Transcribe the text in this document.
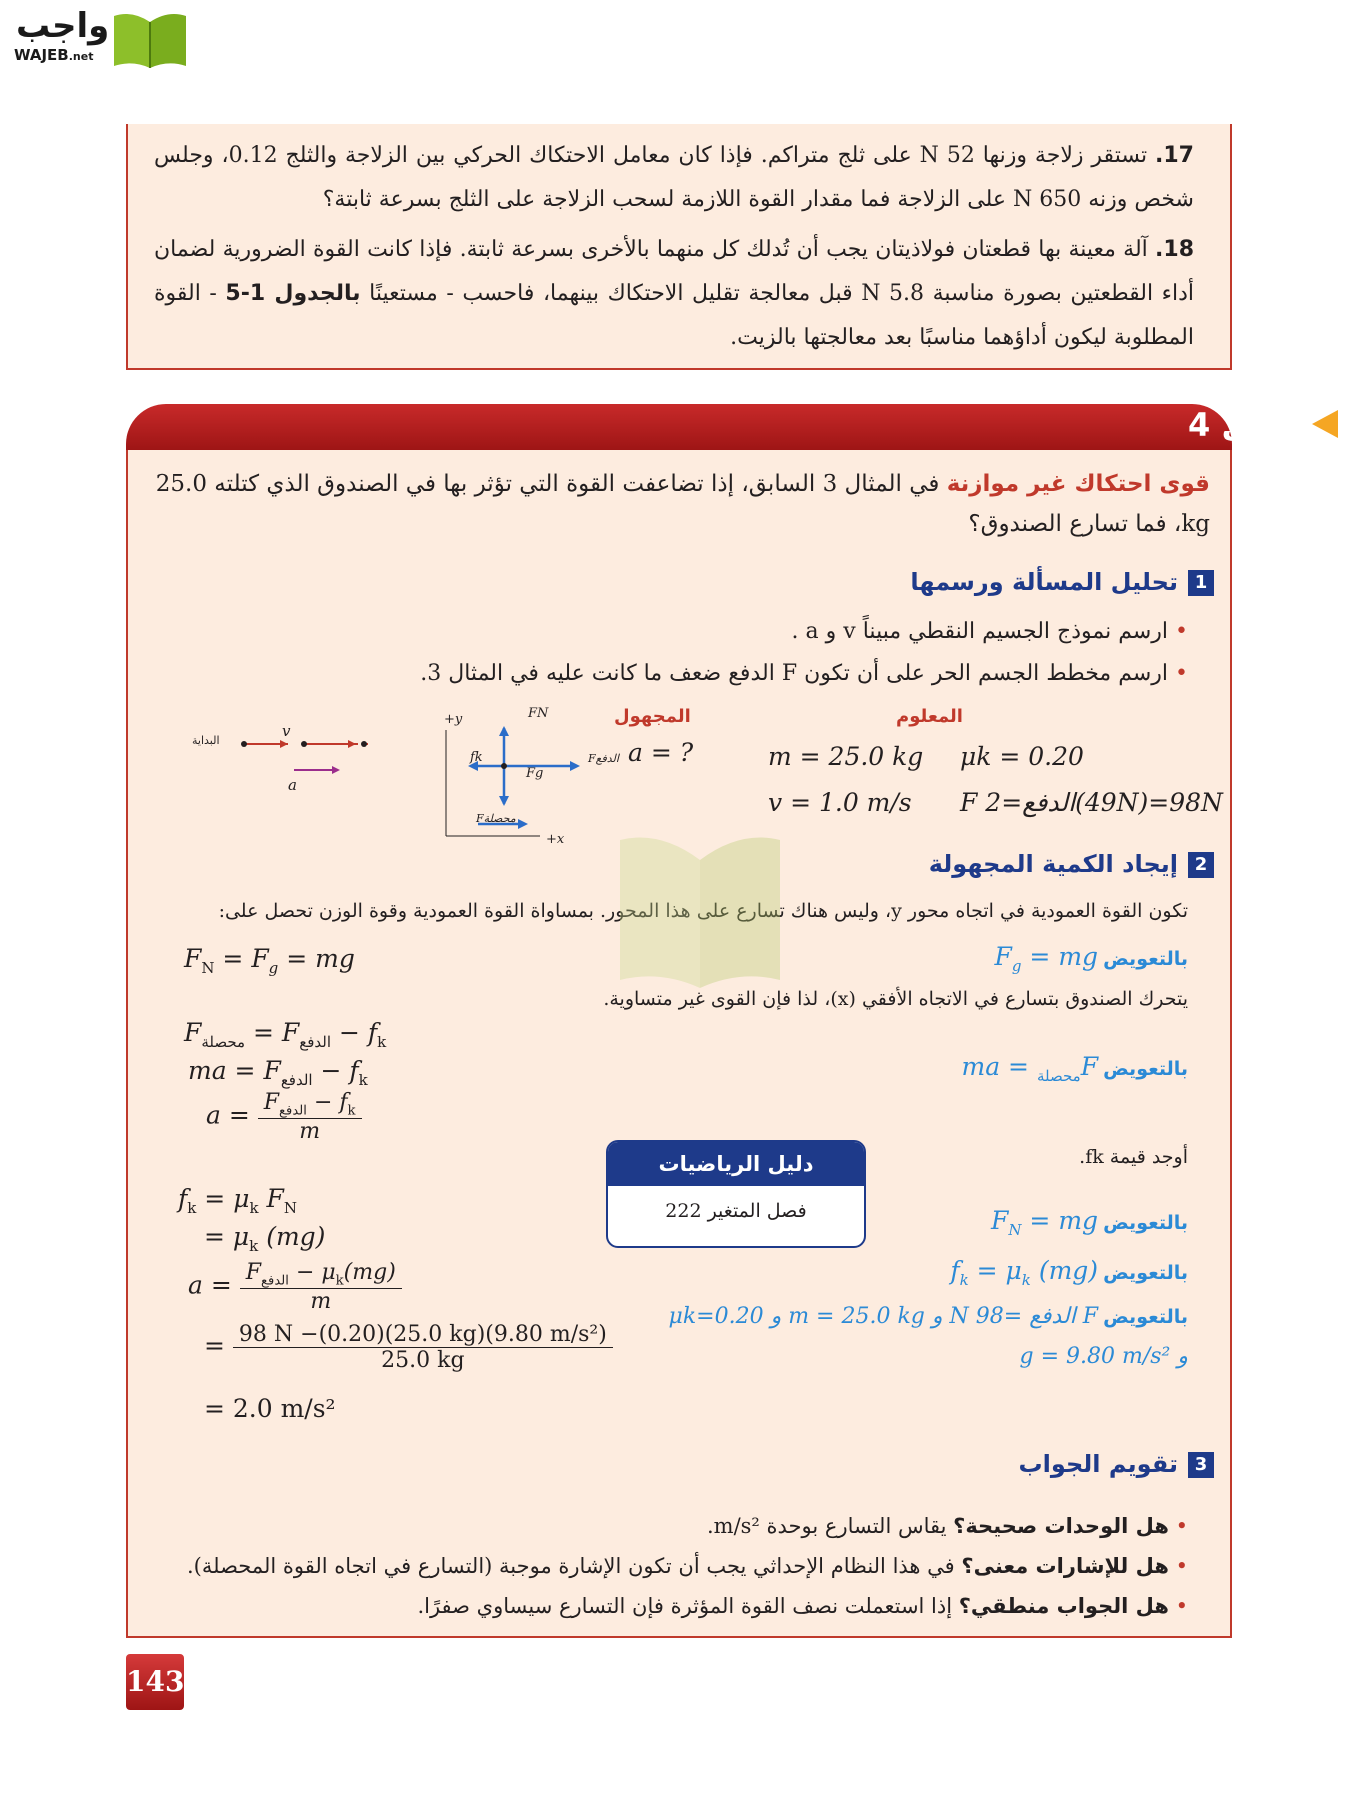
واجب
WAJEB.net
17. تستقر زلاجة وزنها 52 N على ثلج متراكم. فإذا كان معامل الاحتكاك الحركي بين الزلاجة والثلج 0.12، وجلس شخص وزنه 650 N على الزلاجة فما مقدار القوة اللازمة لسحب الزلاجة على الثلج بسرعة ثابتة؟
18. آلة معينة بها قطعتان فولاذيتان يجب أن تُدلك كل منهما بالأخرى بسرعة ثابتة. فإذا كانت القوة الضرورية لضمان أداء القطعتين بصورة مناسبة 5.8 N قبل معالجة تقليل الاحتكاك بينهما، فاحسب - مستعينًا بالجدول 1-5 - القوة المطلوبة ليكون أداؤهما مناسبًا بعد معالجتها بالزيت.
مثال 4
قوى احتكاك غير موازنة في المثال 3 السابق، إذا تضاعفت القوة التي تؤثر بها في الصندوق الذي كتلته 25.0 kg، فما تسارع الصندوق؟
1تحليل المسألة ورسمها
• ارسم نموذج الجسيم النقطي مبيناً v و a .
• ارسم مخطط الجسم الحر على أن تكون F الدفع ضعف ما كانت عليه في المثال 3.
المعلوم
المجهول
m = 25.0 kg μk = 0.20
v = 1.0 m/s F الدفع=2(49N)=98N
a = ?
البداية
v
a
+y
+x
FN
fk
Fg
Fالدفع
Fمحصلة
2إيجاد الكمية المجهولة
تكون القوة العمودية في اتجاه محور y، وليس هناك تسارع على هذا المحور. بمساواة القوة العمودية وقوة الوزن تحصل على:
$F_N = F_g$ = mg	بالتعويض $F_g$ = mg
يتحرك الصندوق بتسارع في الاتجاه الأفقي (x)، لذا فإن القوى غير متساوية.
$F_{محصلة} = F_{الدفع} - f_k$
ma = $F_{الدفع} - f_k$
$a = \frac{F_{الدفع} - f_k}{m}$
بالتعويض $F_{محصلة}$ = ma
أوجد قيمة fk.
$f_k = \mu_k$ $F_N$
= $\mu_k$ (mg)
$a = \frac{F_{الدفع} - \mu_k(mg)}{m}$
= $\frac{\text{98 N −(0.20)(25.0 kg)(9.80 m/s²)}}{25.0 kg}$
= 2.0 m/s²
بالتعويض $F_N$ = mg
بالتعويض $f_k = \mu_k$ (mg)
بالتعويض F الدفع =98 N و m = 25.0 kg و μk=0.20
و g = 9.80 m/s²
دليل الرياضيات
فصل المتغير 222
3تقويم الجواب
• هل الوحدات صحيحة؟ يقاس التسارع بوحدة m/s².
• هل للإشارات معنى؟ في هذا النظام الإحداثي يجب أن تكون الإشارة موجبة (التسارع في اتجاه القوة المحصلة).
• هل الجواب منطقي؟ إذا استعملت نصف القوة المؤثرة فإن التسارع سيساوي صفرًا.
143
